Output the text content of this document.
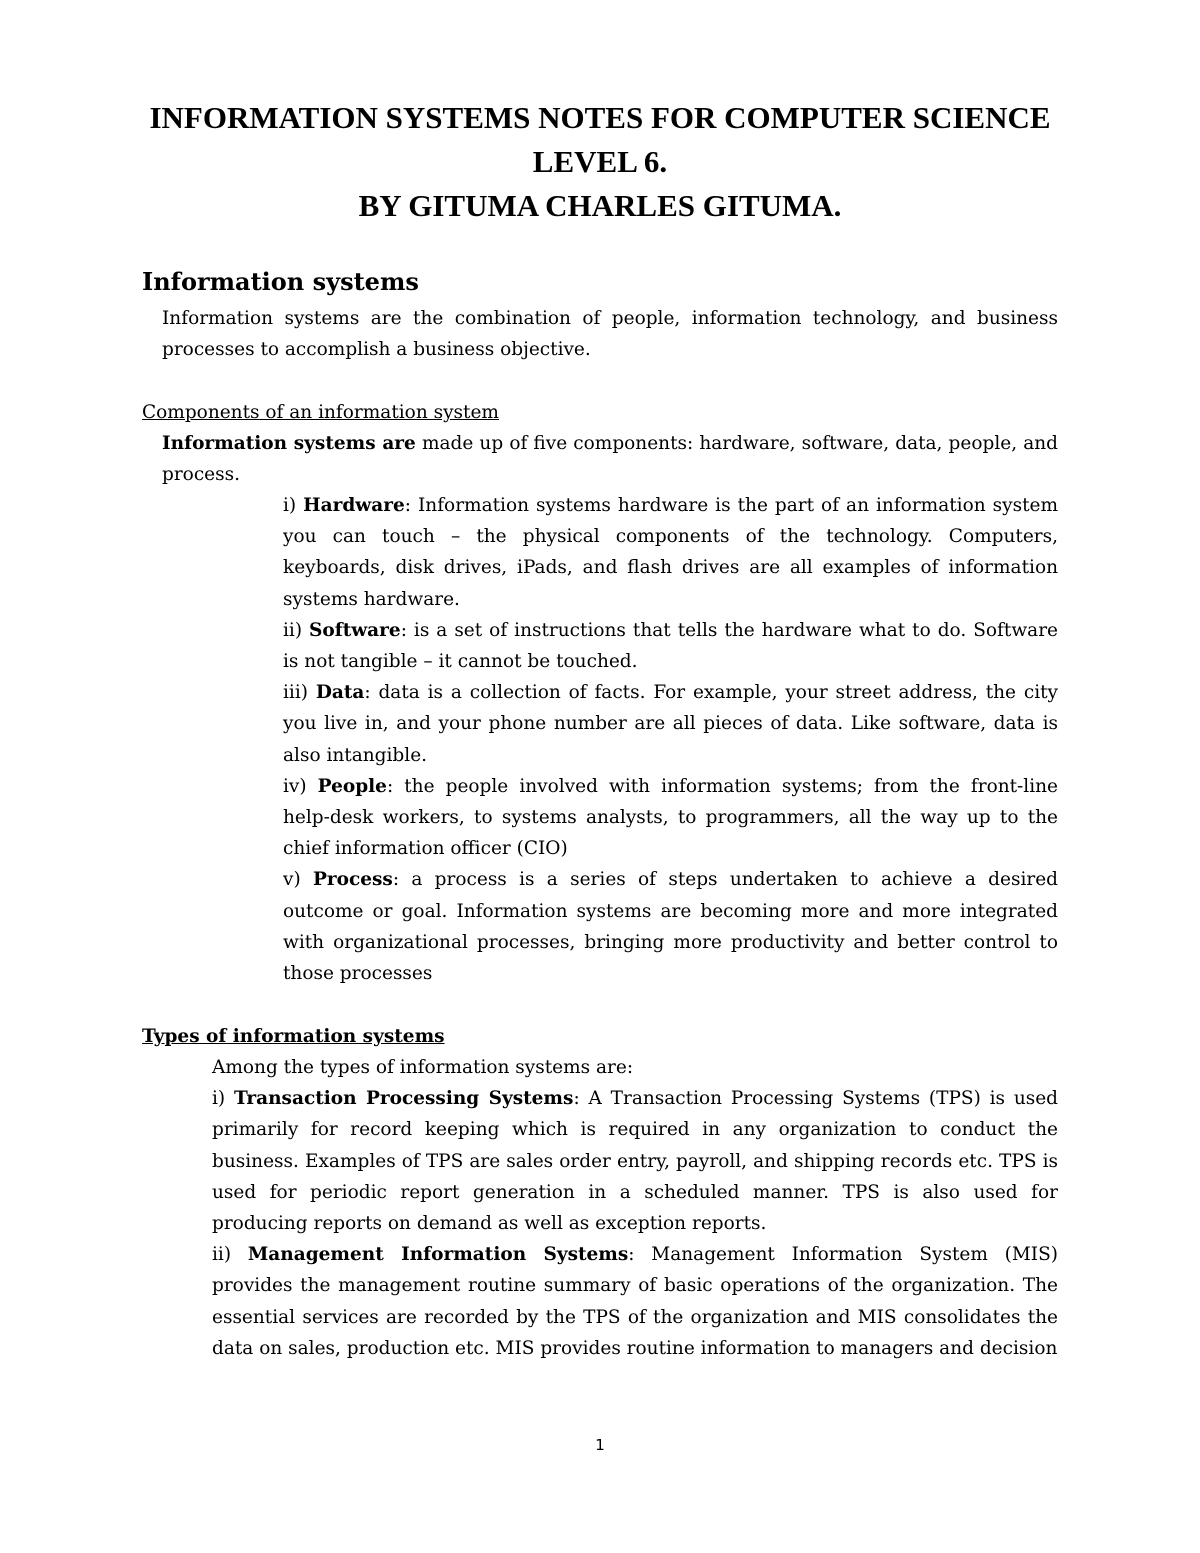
INFORMATION SYSTEMS NOTES FOR COMPUTER SCIENCE
LEVEL 6.
BY GITUMA CHARLES GITUMA.
Information systems

Information systems are the combination of people, information technology, and business processes to accomplish a business objective.

Components of an information system

Information systems are made up of five components: hardware, software, data, people, and process.

i) Hardware: Information systems hardware is the part of an information system you can touch – the physical components of the technology. Computers, keyboards, disk drives, iPads, and flash drives are all examples of information systems hardware.

ii) Software: is a set of instructions that tells the hardware what to do. Software is not tangible – it cannot be touched.

iii) Data: data is a collection of facts. For example, your street address, the city you live in, and your phone number are all pieces of data. Like software, data is also intangible.

iv) People: the people involved with information systems; from the front-line help-desk workers, to systems analysts, to programmers, all the way up to the chief information officer (CIO)

v) Process: a process is a series of steps undertaken to achieve a desired outcome or goal. Information systems are becoming more and more integrated with organizational processes, bringing more productivity and better control to those processes

Types of information systems

Among the types of information systems are:

i) Transaction Processing Systems: A Transaction Processing Systems (TPS) is used primarily for record keeping which is required in any organization to conduct the business. Examples of TPS are sales order entry, payroll, and shipping records etc. TPS is used for periodic report generation in a scheduled manner. TPS is also used for producing reports on demand as well as exception reports.

ii) Management Information Systems: Management Information System (MIS) provides the management routine summary of basic operations of the organization. The essential services are recorded by the TPS of the organization and MIS consolidates the data on sales, production etc. MIS provides routine information to managers and decision

1
